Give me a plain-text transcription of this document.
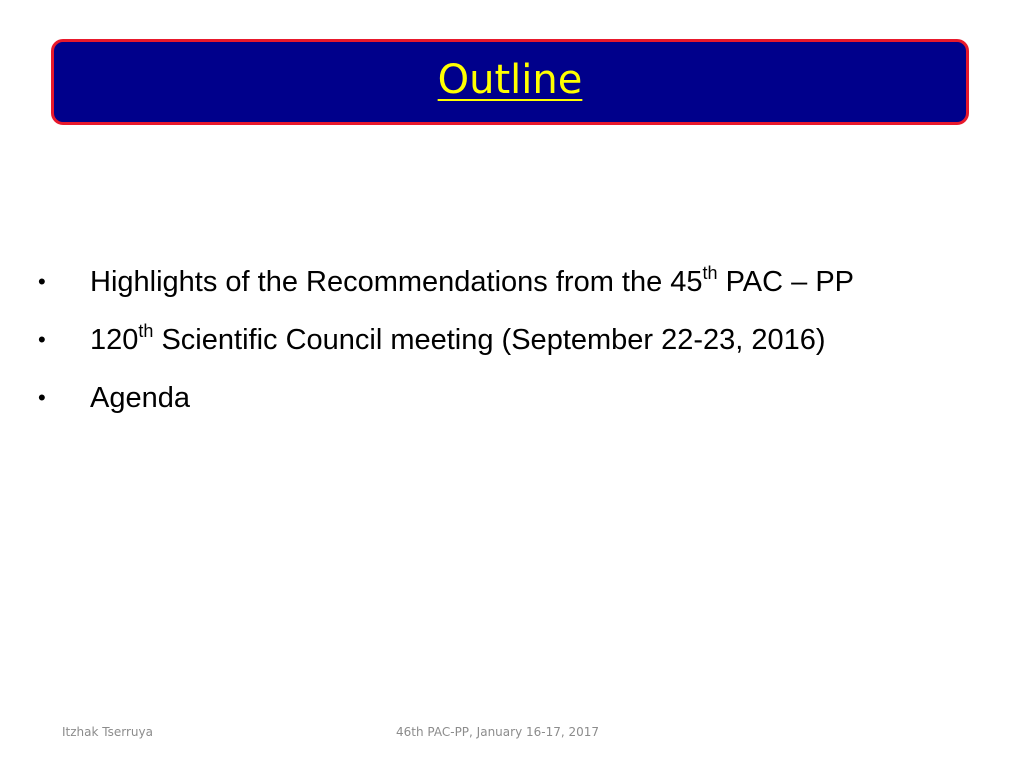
Outline
•	Highlights of the Recommendations from the 45th PAC – PP
•	120th Scientific Council meeting (September 22-23, 2016)
•	Agenda
Itzhak Tserruya	46th PAC-PP, January 16-17, 2017
